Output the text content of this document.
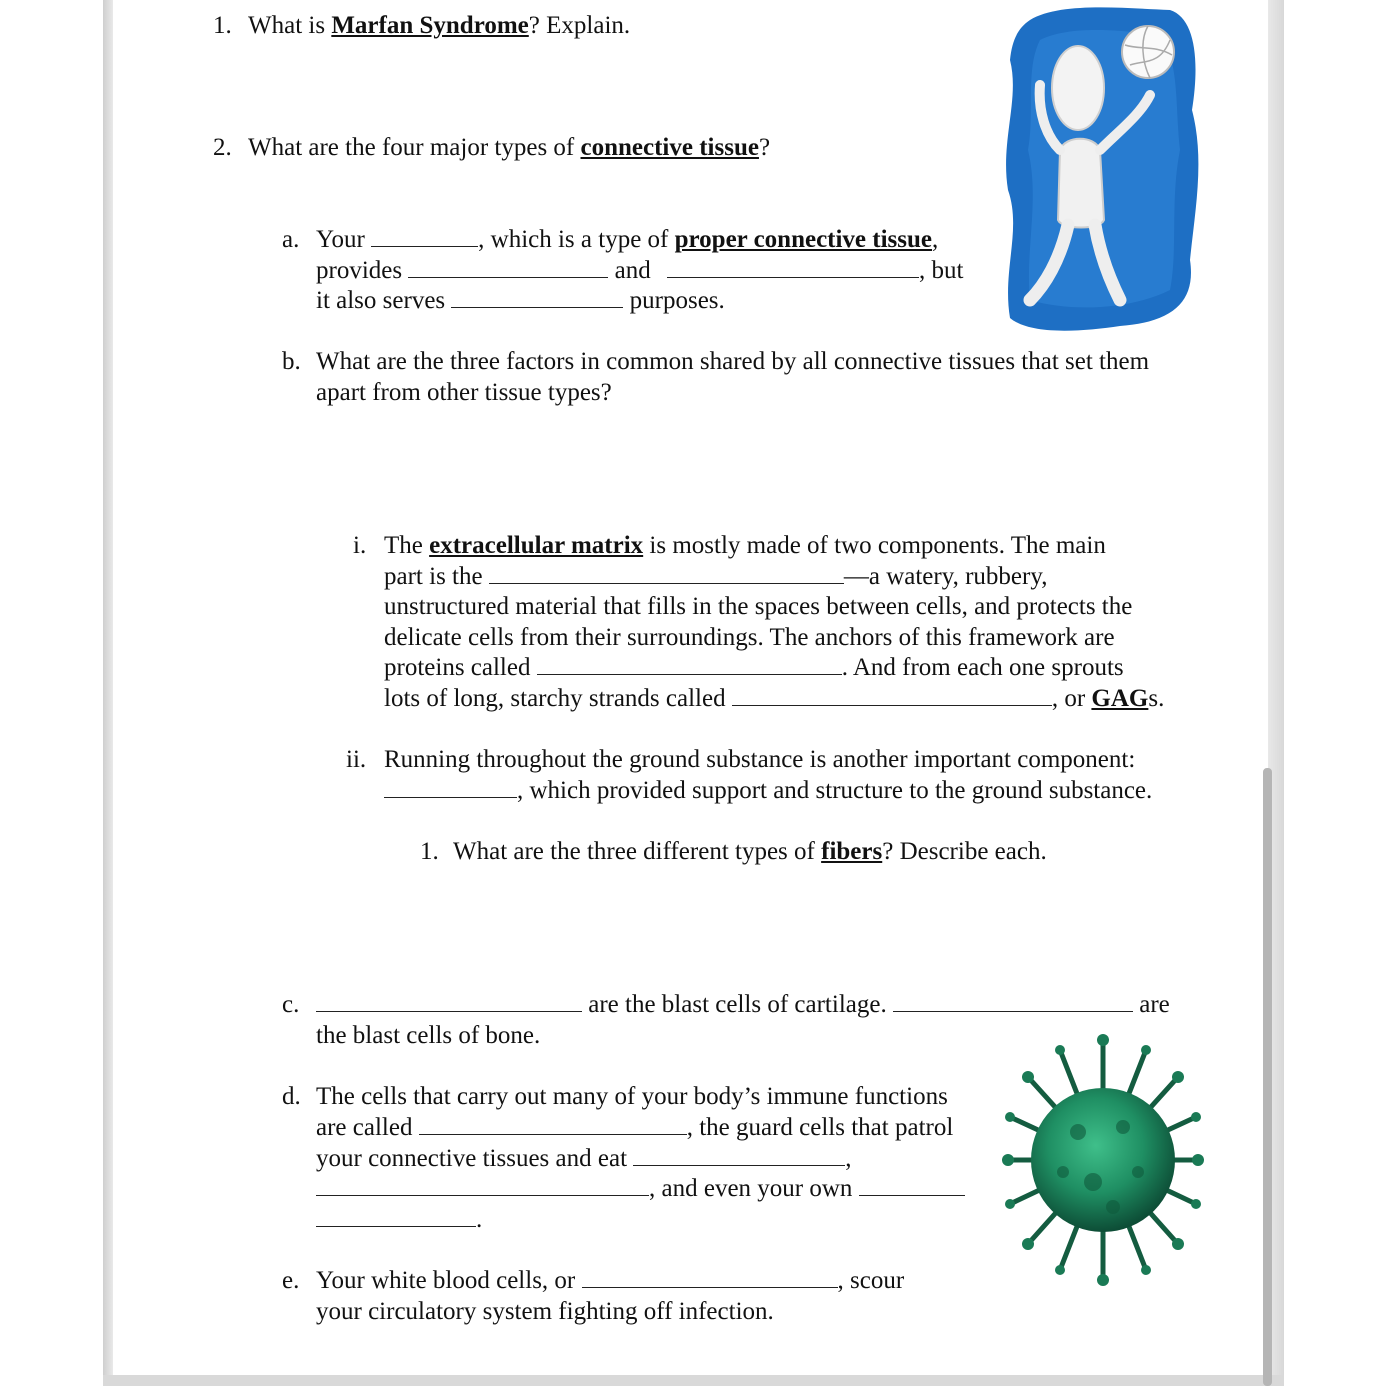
1. What is Marfan Syndrome? Explain.
2. What are the four major types of connective tissue?
a. Your	, which is a type of proper connective tissue,
provides	and	, but
it also serves	purposes.
b. What are the three factors in common shared by all connective tissues that set them
apart from other tissue types?
i. The extracellular matrix is mostly made of two components. The main
part is the	—a watery, rubbery,
unstructured material that fills in the spaces between cells, and protects the
delicate cells from their surroundings. The anchors of this framework are
proteins called	. And from each one sprouts
lots of long, starchy strands called	, or GAGs.
ii. Running throughout the ground substance is another important component:
, which provided support and structure to the ground substance.
1. What are the three different types of fibers? Describe each.
c.	are the blast cells of cartilage.	are
the blast cells of bone.
d. The cells that carry out many of your body’s immune functions
are called	, the guard cells that patrol
your connective tissues and eat	,
, and even your own
.
e. Your white blood cells, or	, scour
your circulatory system fighting off infection.
